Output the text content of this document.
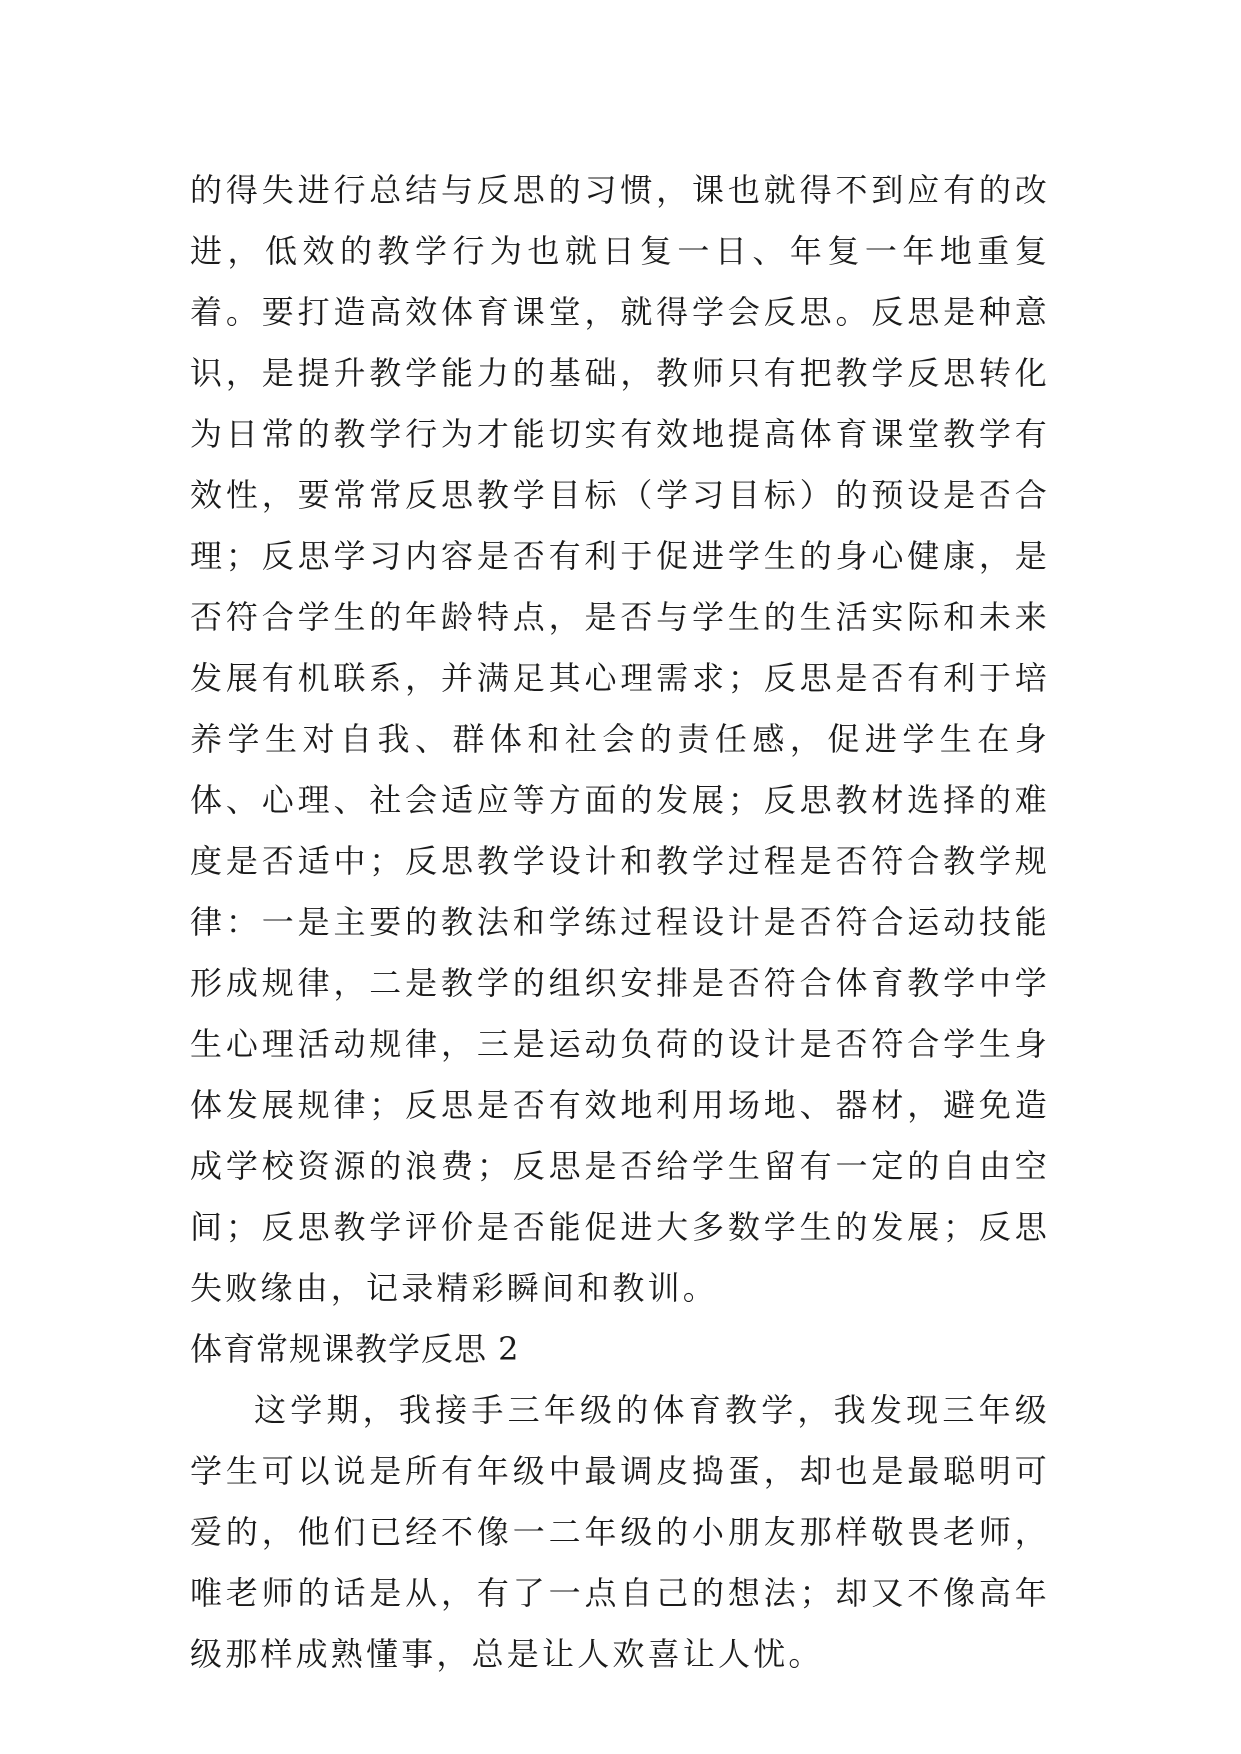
的得失进行总结与反思的习惯，课也就得不到应有的改进，低效的教学行为也就日复一日、年复一年地重复着。要打造高效体育课堂，就得学会反思。反思是种意识，是提升教学能力的基础，教师只有把教学反思转化为日常的教学行为才能切实有效地提高体育课堂教学有效性，要常常反思教学目标（学习目标）的预设是否合理；反思学习内容是否有利于促进学生的身心健康，是否符合学生的年龄特点，是否与学生的生活实际和未来发展有机联系，并满足其心理需求；反思是否有利于培养学生对自我、群体和社会的责任感，促进学生在身体、心理、社会适应等方面的发展；反思教材选择的难度是否适中；反思教学设计和教学过程是否符合教学规律：一是主要的教法和学练过程设计是否符合运动技能形成规律，二是教学的组织安排是否符合体育教学中学生心理活动规律，三是运动负荷的设计是否符合学生身体发展规律；反思是否有效地利用场地、器材，避免造成学校资源的浪费；反思是否给学生留有一定的自由空间；反思教学评价是否能促进大多数学生的发展；反思失败缘由，记录精彩瞬间和教训。

体育常规课教学反思 2

这学期，我接手三年级的体育教学，我发现三年级学生可以说是所有年级中最调皮捣蛋，却也是最聪明可爱的，他们已经不像一二年级的小朋友那样敬畏老师，唯老师的话是从，有了一点自己的想法；却又不像高年级那样成熟懂事，总是让人欢喜让人忧。
